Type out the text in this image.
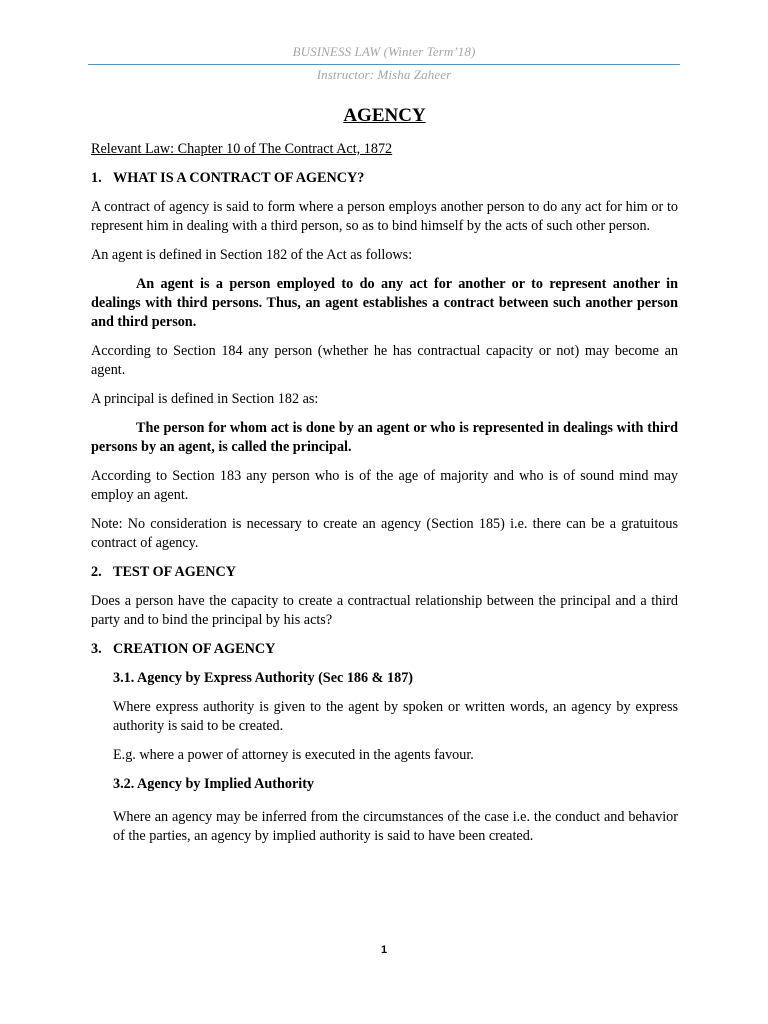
BUSINESS LAW (Winter Term’18)
Instructor: Misha Zaheer
AGENCY
Relevant Law: Chapter 10 of The Contract Act, 1872
1. WHAT IS A CONTRACT OF AGENCY?
A contract of agency is said to form where a person employs another person to do any act for him or to represent him in dealing with a third person, so as to bind himself by the acts of such other person.
An agent is defined in Section 182 of the Act as follows:
An agent is a person employed to do any act for another or to represent another in dealings with third persons. Thus, an agent establishes a contract between such another person and third person.
According to Section 184 any person (whether he has contractual capacity or not) may become an agent.
A principal is defined in Section 182 as:
The person for whom act is done by an agent or who is represented in dealings with third persons by an agent, is called the principal.
According to Section 183 any person who is of the age of majority and who is of sound mind may employ an agent.
Note: No consideration is necessary to create an agency (Section 185) i.e. there can be a gratuitous contract of agency.
2. TEST OF AGENCY
Does a person have the capacity to create a contractual relationship between the principal and a third party and to bind the principal by his acts?
3. CREATION OF AGENCY
3.1. Agency by Express Authority (Sec 186 & 187)
Where express authority is given to the agent by spoken or written words, an agency by express authority is said to be created.
E.g. where a power of attorney is executed in the agents favour.
3.2. Agency by Implied Authority
Where an agency may be inferred from the circumstances of the case i.e. the conduct and behavior of the parties, an agency by implied authority is said to have been created.
1
